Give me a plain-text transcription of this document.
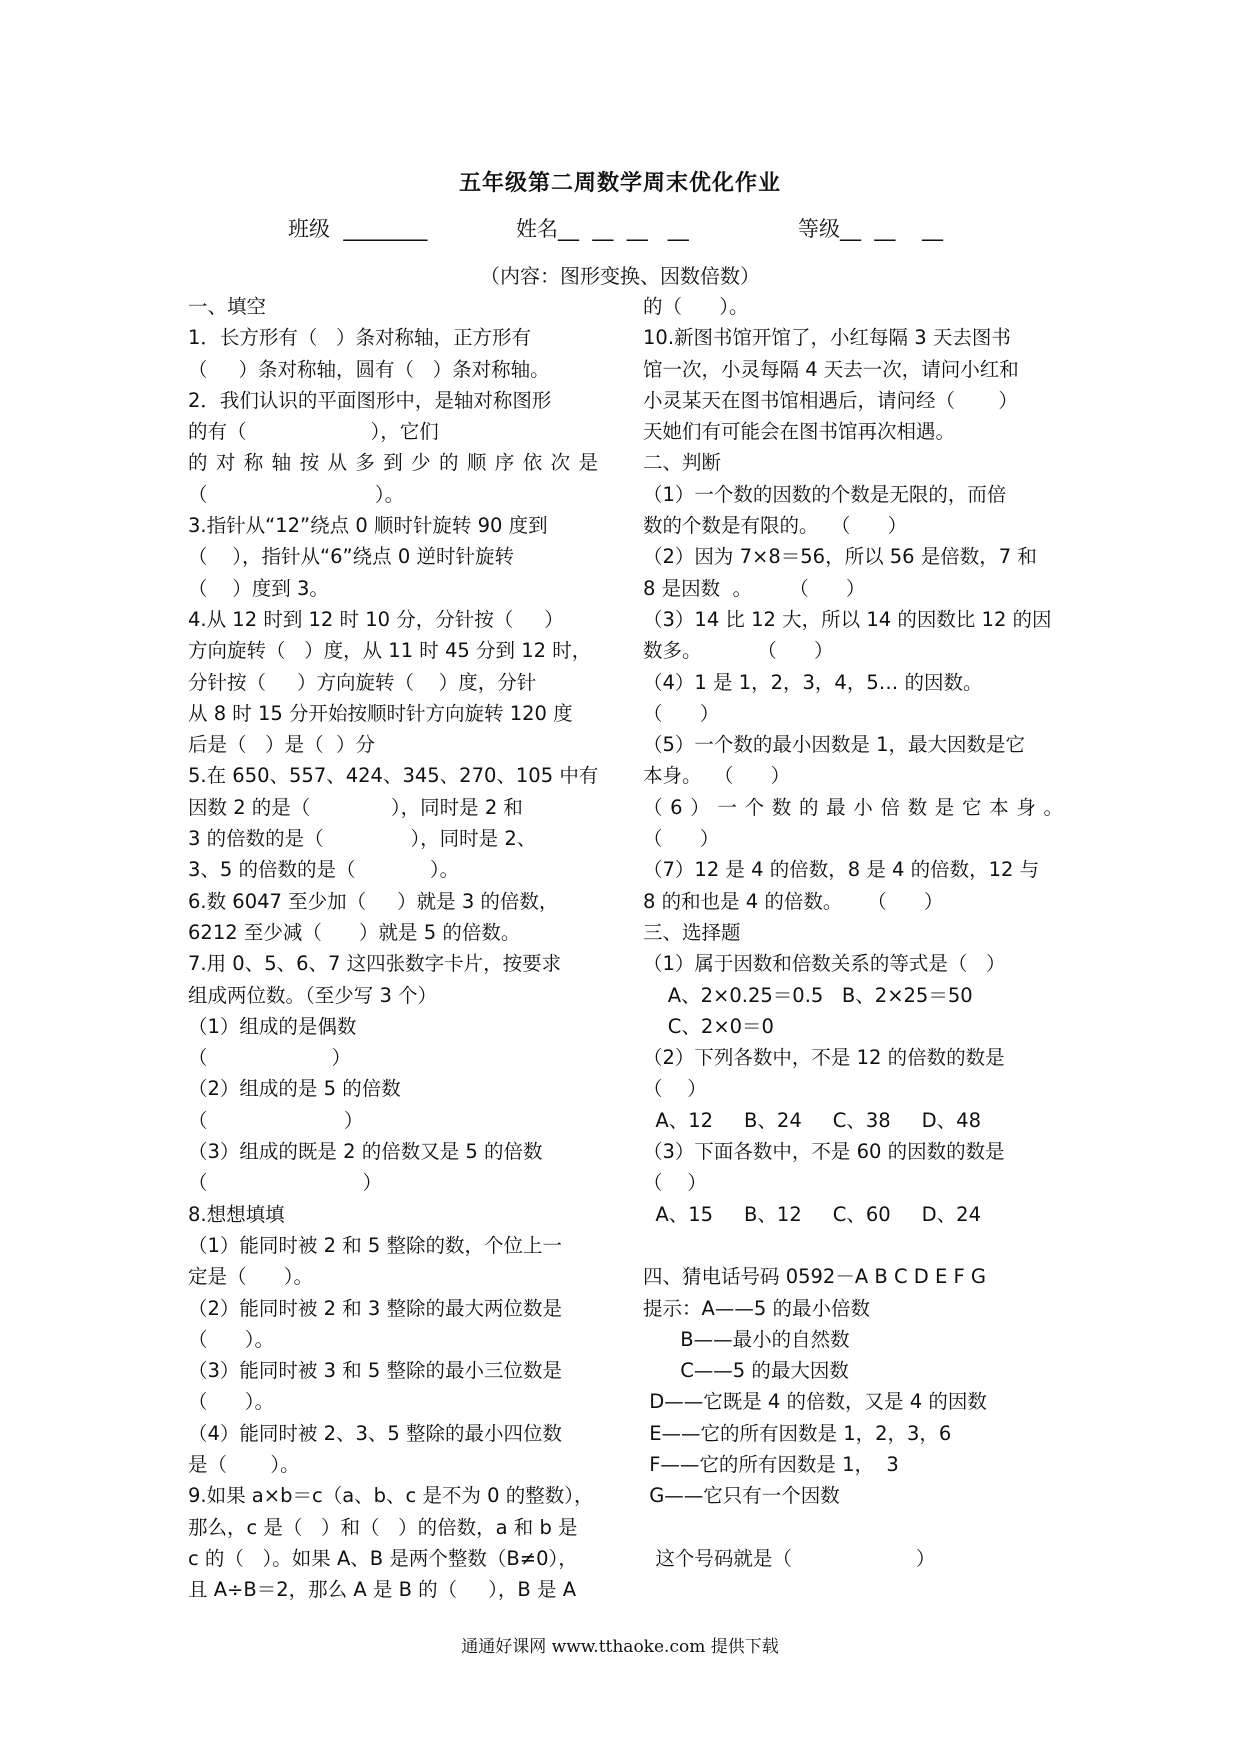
五年级第二周数学周末优化作业
班级  ________	姓名__  __  __   __	等级__  __    __
（内容：图形变换、因数倍数）
一、填空
1．长方形有（   ）条对称轴，正方形有
（     ）条对称轴，圆有（   ）条对称轴。
2．我们认识的平面图形中，是轴对称图形
的有（                    ），它们
的对称轴按从多到少的顺序依次是
（                           ）。
3.指针从“12”绕点 0 顺时针旋转 90 度到
（    ），指针从“6”绕点 0 逆时针旋转
（    ）度到 3。
4.从 12 时到 12 时 10 分，分针按（     ）
方向旋转（   ）度，从 11 时 45 分到 12 时，
分针按（     ）方向旋转（    ）度，分针
从 8 时 15 分开始按顺时针方向旋转 120 度
后是（   ）是（  ）分
5.在 650、557、424、345、270、105 中有
因数 2 的是（             ），同时是 2 和
3 的倍数的是（              ），同时是 2、
3、5 的倍数的是（            ）。
6.数 6047 至少加（     ）就是 3 的倍数，
6212 至少减（      ）就是 5 的倍数。
7.用 0、5、6、7 这四张数字卡片，按要求
组成两位数。（至少写 3 个）
（1）组成的是偶数
（                    ）
（2）组成的是 5 的倍数
（                      ）
（3）组成的既是 2 的倍数又是 5 的倍数
（                         ）
8.想想填填
（1）能同时被 2 和 5 整除的数，个位上一
定是（      ）。
（2）能同时被 2 和 3 整除的最大两位数是
（      ）。
（3）能同时被 3 和 5 整除的最小三位数是
（      ）。
（4）能同时被 2、3、5 整除的最小四位数
是（       ）。
9.如果 a×b＝c（a、b、c 是不为 0 的整数），
那么，c 是（   ）和（   ）的倍数，a 和 b 是
c 的（   ）。如果 A、B 是两个整数（B≠0），
且 A÷B＝2，那么 A 是 B 的（     ），B 是 A
的（      ）。
10.新图书馆开馆了，小红每隔 3 天去图书
馆一次，小灵每隔 4 天去一次，请问小红和
小灵某天在图书馆相遇后，请问经（       ）
天她们有可能会在图书馆再次相遇。
二、判断
（1）一个数的因数的个数是无限的，而倍
数的个数是有限的。  （      ）
（2）因为 7×8＝56，所以 56 是倍数，7 和
8 是因数  。      （      ）
（3）14 比 12 大，所以 14 的因数比 12 的因
数多。         （      ）
（4）1 是 1，2，3，4，5… 的因数。
（      ）
（5）一个数的最小因数是 1，最大因数是它
本身。  （      ）
（6）一个数的最小倍数是它本身。
（      ）
（7）12 是 4 的倍数，8 是 4 的倍数，12 与
8 的和也是 4 的倍数。    （      ）
三、选择题
（1）属于因数和倍数关系的等式是（   ）
A、2×0.25＝0.5   B、2×25＝50
C、2×0＝0
（2）下列各数中，不是 12 的倍数的数是
（    ）
A、12     B、24     C、38     D、48
（3）下面各数中，不是 60 的因数的数是
（    ）
A、15     B、12     C、60     D、24
四、猜电话号码 0592－A B C D E F G
提示：A——5 的最小倍数
B——最小的自然数
C——5 的最大因数
D——它既是 4 的倍数，又是 4 的因数
E——它的所有因数是 1，2，3，6
F——它的所有因数是 1，  3
G——它只有一个因数
这个号码就是（                    ）
通通好课网 www.tthaoke.com 提供下载
